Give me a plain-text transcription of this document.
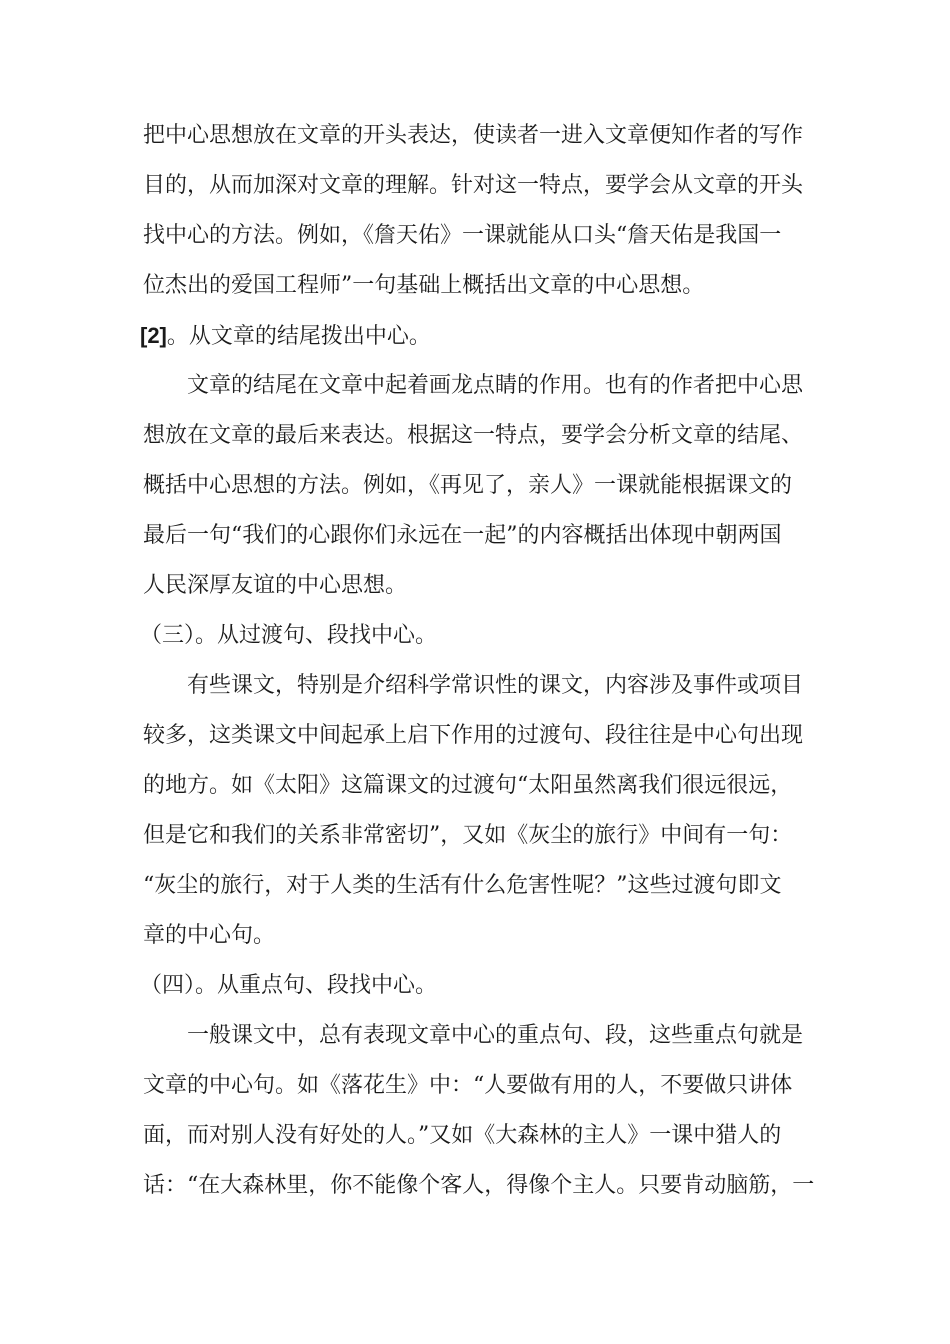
把中心思想放在文章的开头表达，使读者一进入文章便知作者的写作
目的，从而加深对文章的理解。针对这一特点，要学会从文章的开头
找中心的方法。例如，《詹天佑》一课就能从口头“詹天佑是我国一
位杰出的爱国工程师”一句基础上概括出文章的中心思想。
[2]。从文章的结尾拨出中心。
文章的结尾在文章中起着画龙点睛的作用。也有的作者把中心思
想放在文章的最后来表达。根据这一特点，要学会分析文章的结尾、
概括中心思想的方法。例如，《再见了，亲人》一课就能根据课文的
最后一句“我们的心跟你们永远在一起”的内容概括出体现中朝两国
人民深厚友谊的中心思想。
（三）。从过渡句、段找中心。
有些课文，特别是介绍科学常识性的课文，内容涉及事件或项目
较多，这类课文中间起承上启下作用的过渡句、段往往是中心句出现
的地方。如《太阳》这篇课文的过渡句“太阳虽然离我们很远很远，
但是它和我们的关系非常密切”，又如《灰尘的旅行》中间有一句：
“灰尘的旅行，对于人类的生活有什么危害性呢？”这些过渡句即文
章的中心句。
（四）。从重点句、段找中心。
一般课文中，总有表现文章中心的重点句、段，这些重点句就是
文章的中心句。如《落花生》中：“人要做有用的人，不要做只讲体
面，而对别人没有好处的人。”又如《大森林的主人》一课中猎人的
话：“在大森林里，你不能像个客人，得像个主人。只要肯动脑筋，一
